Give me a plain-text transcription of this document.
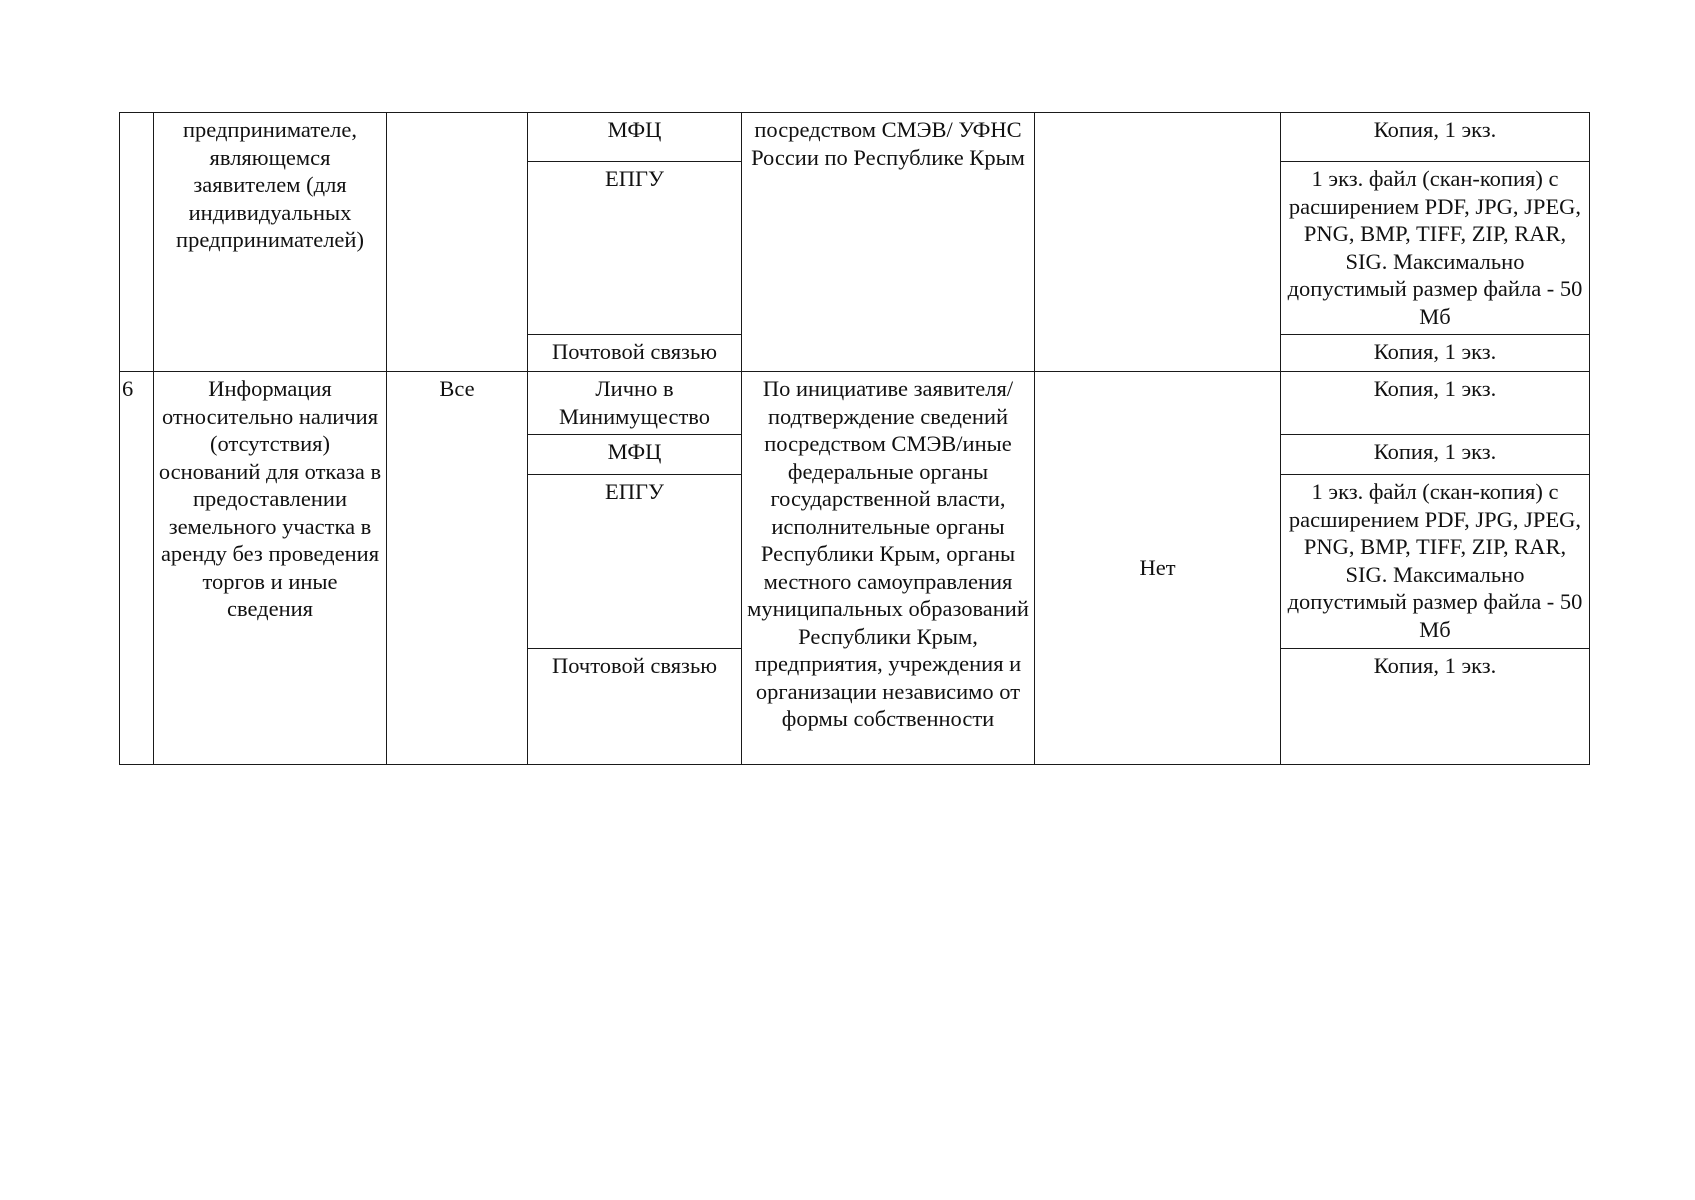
	предпринимателе, являющемся заявителем (для индивидуальных предпринимателей)		МФЦ	посредством СМЭВ/ УФНС России по Республике Крым		Копия, 1 экз.

			ЕПГУ			1 экз. файл (скан-копия) с расширением PDF, JPG, JPEG, PNG, BMP, TIFF, ZIP, RAR, SIG. Максимально допустимый размер файла - 50 Мб

			Почтовой связью			Копия, 1 экз.

6	Информация относительно наличия (отсутствия) оснований для отказа в предоставлении земельного участка в аренду без проведения торгов и иные сведения	Все	Лично в Минимущество	По инициативе заявителя/ подтверждение сведений посредством СМЭВ/иные федеральные органы государственной власти, исполнительные органы Республики Крым, органы местного самоуправления муниципальных образований Республики Крым, предприятия, учреждения и организации независимо от формы собственности	Нет	Копия, 1 экз.

			МФЦ			Копия, 1 экз.

			ЕПГУ			1 экз. файл (скан-копия) с расширением PDF, JPG, JPEG, PNG, BMP, TIFF, ZIP, RAR, SIG. Максимально допустимый размер файла - 50 Мб

			Почтовой связью			Копия, 1 экз.
